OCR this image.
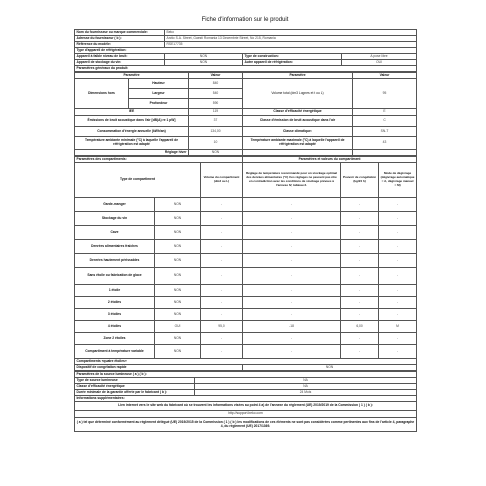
Fiche d'information sur le produit
Nom du fournisseur ou marque commerciale:	Beko		
Adresse du fournisseur ( b ):	Arctic S.A. Street, Gaesti Romania 13 Decembrie Street, No 215, Romania		
Référence du modèle:	RSE17735		
Type d'appareil de réfrigération:			
Appareil à faible niveau de bruit:	NON	Type de construction:	A pose libre
Appareil de stockage du vin:	NON	Autre appareil de réfrigération:	OUI
Paramètres généraux du produit:			
Paramètre		Valeur	Paramètre	Valeur
Dimensions hors	Hauteur	840	Volume total (dm3 Lognes et t ou L)	95
	Largeur	540		
	Profondeur	590		
IEE		119	Classe d'efficacité énergétique	E
Émissions de bruit acoustique dans l'air [dB(A) re 1 pW]		37	Classe d'émission de bruit acoustique dans l'air	C
Consommation d'énergie annuelle (kWh/an)		134,00	Classe climatique:	SN-T
Température ambiante minimale (°C) à laquelle l'appareil de réfrigération est adapté		10	Température ambiante maximale (°C) à laquelle l'appareil de réfrigération est adapté	43
Réglage hiver		NON		
Paramètres des compartiments:			Paramètres et valeurs du compartiment		
Type de compartiment		Volume du compartiment (dm3 ou L)	Réglage de température recommandé pour un stockage optimal des denrées alimentaires (°C) Ces réglages ne peuvent pas être en contradiction avec les conditions de stockage prévues à l'annexe IV, tableau 3.	Pouvoir de congélation (kg/24 h)	Mode de dégivrage (dégivrage automatique = A, dégivrage manuel = M)
Garde-manger	NON	-	-	-	-
Stockage du vin	NON	-	-	-	-
Cave	NON	-	-	-	-
Denrées alimentaires fraîches	NON	-	-	-	-
Denrées hautement périssables	NON	-	-	-	-
Sans étoile ou fabrication de glace	NON	-	-	-	-
1 étoile	NON	-	-	-	-
2 étoiles	NON	-	-	-	-
3 étoiles	NON	-	-	-	-
4 étoiles	OUI	95,0	-18	6,00	M
Zone 2 étoiles	NON	-	-	-	-
Compartiment à température variable	NON	-	-	-	-
Compartiments «quatre étoiles»					
Dispositif de congélation rapide			NON		
Paramètres de la source lumineuse ( a ) ( b ):	
Type de source lumineuse	NA
Classe d'efficacité énergétique	NA
Durée minimale de la garantie offerte par le fabricant ( b ):	24 Mois
Informations supplémentaires:	
Lien internet vers le site web du fabricant où se trouvent les informations visées au point 4 a) de l'annexe du règlement (UE) 2019/2019 de la Commission ( 1 ) ( b ):	
http://support.beko.com	
( a ) tel que déterminé conformément au règlement délégué (UE) 2019/2015 de la Commission ( 1 ) ( b ) les modifications de ces éléments ne sont pas considérées comme pertinentes aux fins de l'article 4, paragraphe 4, du règlement (UE) 2017/1369.	
